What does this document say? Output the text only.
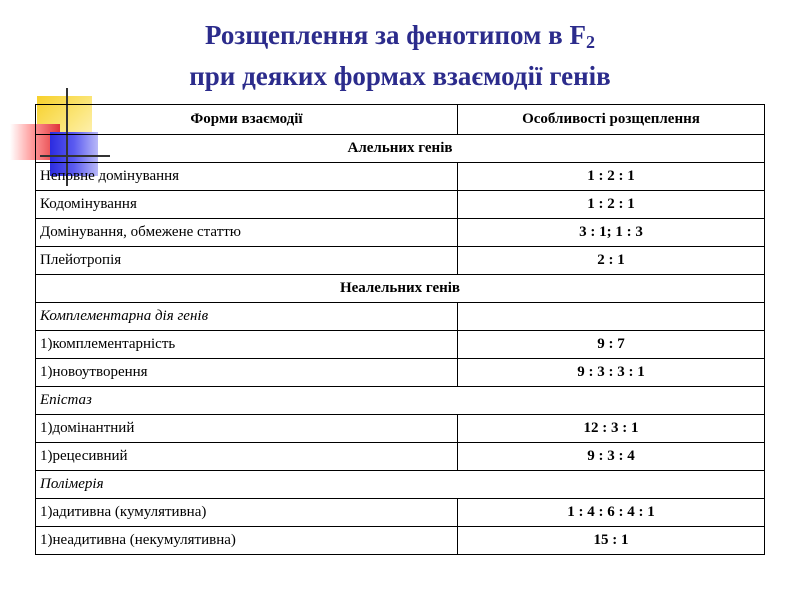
Розщеплення за фенотипом в $F_2$
при деяких формах взаємодії генів
Форми взаємодії	Особливості розщеплення
Алельних генів	
Неповне домінування	1 : 2 : 1
Кодомінування	1 : 2 : 1
Домінування, обмежене статтю	3 : 1; 1 : 3
Плейотропія	2 : 1
Неалельних генів	
Комплементарна дія генів	
1)комплементарність	9 : 7
1)новоутворення	9 : 3 : 3 : 1
Епістаз	
1)домінантний	12 : 3 : 1
1)рецесивний	9 : 3 : 4
Полімерія	
1)адитивна (кумулятивна)	1 : 4 : 6 : 4 : 1
1)неадитивна (некумулятивна)	15 : 1
